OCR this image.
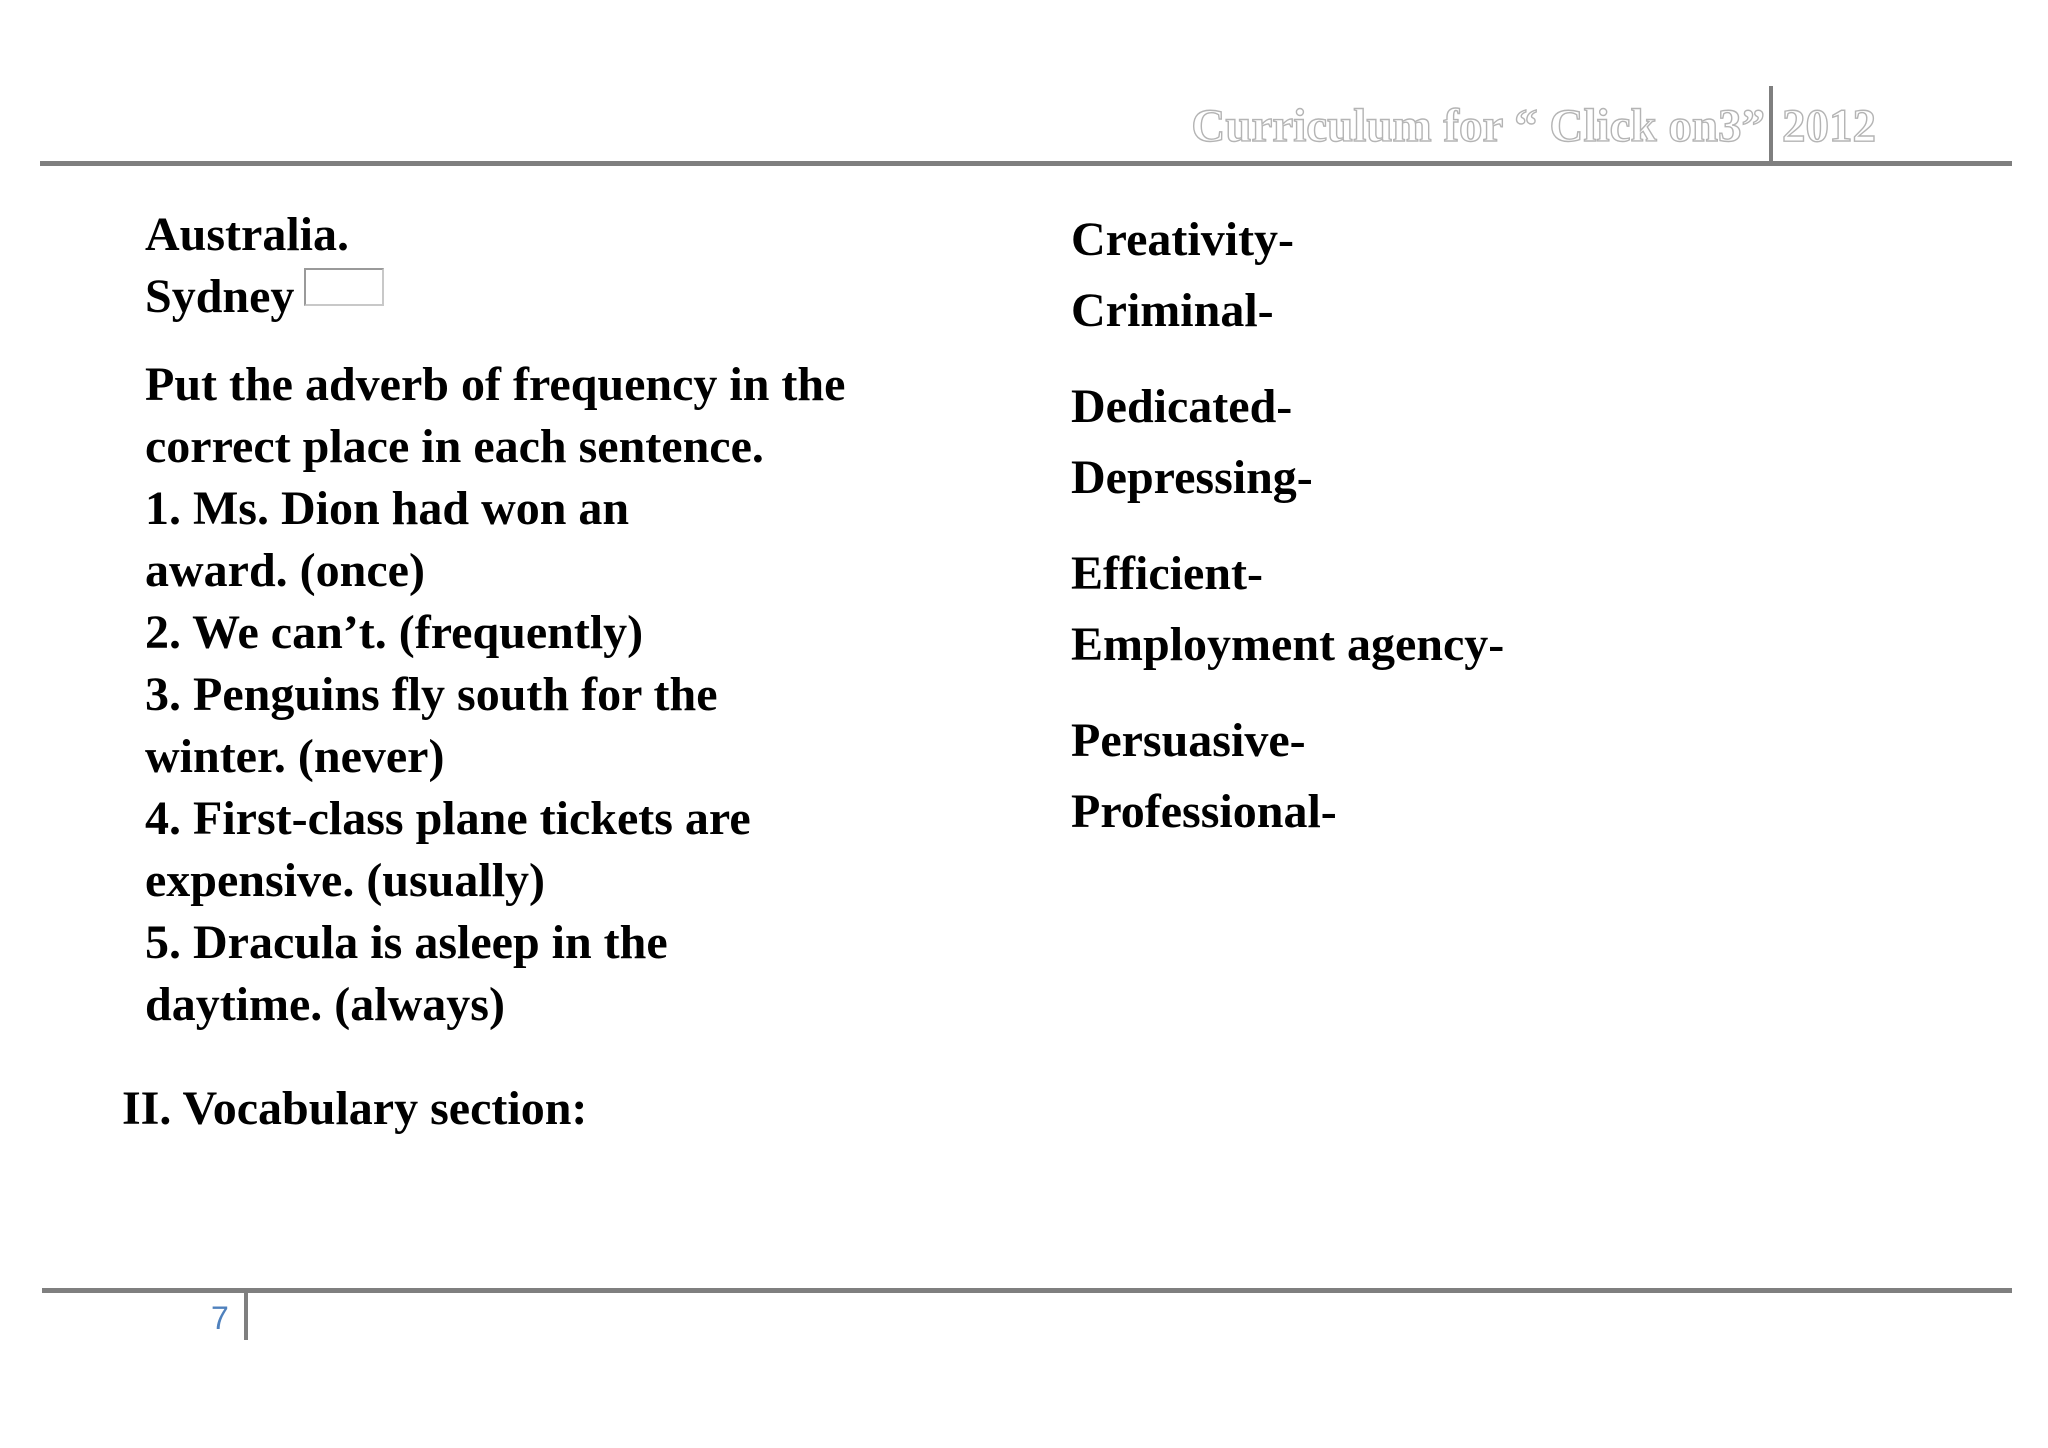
Curriculum for “ Click on3” 2012

Australia.

Sydney

Put the adverb of frequency in the

correct place in each sentence.

1. Ms. Dion had won an

award. (once)

2. We can’t. (frequently)

3. Penguins fly south for the

winter. (never)

4. First-class plane tickets are

expensive. (usually)

5. Dracula is asleep in the

daytime. (always)

II. Vocabulary section:

Creativity-

Criminal-

Dedicated-

Depressing-

Efficient-

Employment agency-

Persuasive-

Professional-

7
